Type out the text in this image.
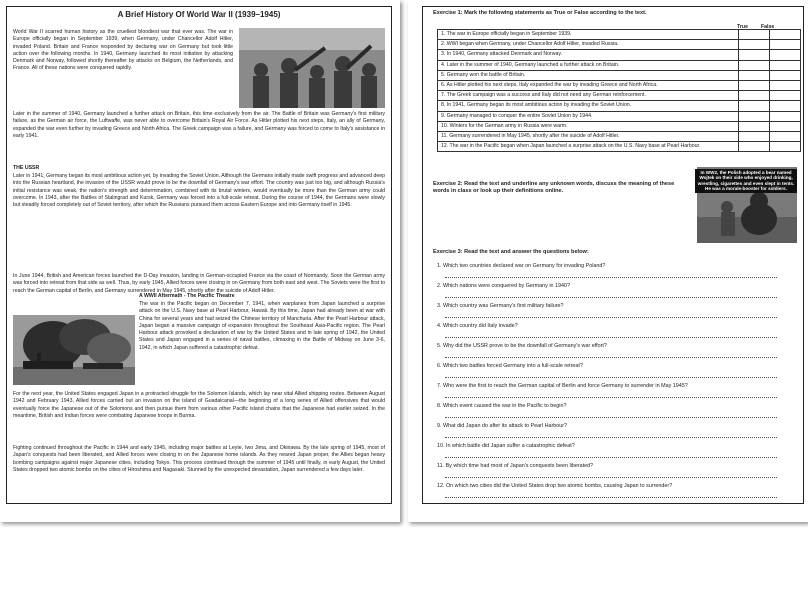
A Brief History Of World War II (1939–1945)
World War II scarred human history as the cruellest bloodiest war that ever was. The war in Europe officially began in September 1939, when Germany, under Chancellor Adolf Hitler, invaded Poland. Britain and France responded by declaring war on Germany but took little action over the following months. In 1940, Germany launched its most initiative by attacking Denmark and Norway, followed shortly thereafter by attacks on Belgium, the Netherlands, and France. All of these nations were conquered rapidly.
Later in the summer of 1940, Germany launched a further attack on Britain, this time exclusively from the air. The Battle of Britain was Germany's first military failure, as the German air force, the Luftwaffe, was never able to overcome Britain's Royal Air Force. As Hitler plotted his next steps, Italy, an ally of Germany, expanded the war even further by invading Greece and North Africa. The Greek campaign was a failure, and Germany was forced to come to Italy's assistance in early 1941.
THE USSR
Later in 1941, Germany began its most ambitious action yet, by invading the Soviet Union. Although the Germans initially made swift progress and advanced deep into the Russian heartland, the invasion of the USSR would prove to be the downfall of Germany's war effort. The country was just too big, and although Russia's initial resistance was weak, the nation's strength and determination, combined with its brutal winters, would eventually be more than the German army could overcome. In 1943, after the Battles of Stalingrad and Kursk, Germany was forced into a full-scale retreat. During the course of 1944, the Germans were slowly but steadily forced completely out of Soviet territory, after which the Russians pursued them across Eastern Europe and into Germany itself in 1945.
In June 1944, British and American forces launched the D-Day invasion, landing in German-occupied France via the coast of Normandy. Soon the German army was forced into retreat from that side as well. Thus, by early 1945, Allied forces were closing in on Germany from both east and west. The Soviets were the first to reach the German capital of Berlin, and Germany surrendered in May 1945, shortly after the suicide of Adolf Hitler.
A WWII Aftermath - The Pacific Theatre
The war in the Pacific began on December 7, 1941, when warplanes from Japan launched a surprise attack on the U.S. Navy base at Pearl Harbour, Hawaii. By this time, Japan had already been at war with China for several years and had seized the Chinese territory of Manchuria. After the Pearl Harbour attack, Japan began a massive campaign of expansion throughout the Southeast Asia-Pacific region. The Pearl Harbour attack provoked a declaration of war by the United States and in late spring of 1942, the United States and Japan engaged in a series of naval battles, climaxing in the Battle of Midway on June 3-6, 1942, in which Japan suffered a catastrophic defeat.
For the next year, the United States engaged Japan in a protracted struggle for the Solomon Islands, which lay near vital Allied shipping routes. Between August 1942 and February 1943, Allied forces carried out an invasion on the island of Guadalcanal—the beginning of a long series of Allied offensives that would eventually force the Japanese out of the Solomons and then pursue them from various other Pacific island chains that the Japanese had earlier seized. In the meantime, British and Indian forces were combating Japanese troops in Burma.
Fighting continued throughout the Pacific in 1944 and early 1945, including major battles at Leyte, Iwo Jima, and Okinawa. By the late spring of 1945, most of Japan's conquests had been liberated, and Allied forces were closing in on the Japanese home islands. As they neared Japan proper, the Allies began heavy bombing campaigns against major Japanese cities, including Tokyo. This process continued through the summer of 1945 until finally, in early August, the United States dropped two atomic bombs on the cities of Hiroshima and Nagasaki. Stunned by the unexpected devastation, Japan surrendered a few days later.
Exercise 1: Mark the following statements as True or False according to the text.
True	False
1. The war in Europe officially began in September 1939.		
2. WWI began when Germany, under Chancellor Adolf Hitler, invaded Russia.		
3. In 1940, Germany attacked Denmark and Norway.		
4. Later in the summer of 1940, Germany launched a further attack on Britain.		
5. Germany won the battle of Britain.		
6. As Hitler plotted his next steps, Italy expanded the war by invading Greece and North Africa.		
7. The Greek campaign was a success and Italy did not need any German reinforcement.		
8. In 1941, Germany began its most ambitious action by invading the Soviet Union.		
9. Germany managed to conquer the entire Soviet Union by 1944.		
10. Winters for the German army in Russia were warm.		
11. Germany surrendered in May 1945, shortly after the suicide of Adolf Hitler.		
12. The war in the Pacific began when Japan launched a surprise attack on the U.S. Navy base at Pearl Harbour.		
Exercise 2: Read the text and underline any unknown words, discuss the meaning of these words in class or look up their definitions online.
In WW2, the Polish adopted a bear named Wojtek on their side who enjoyed drinking, wrestling, cigarettes and even slept in tents. He was a morale-booster for soldiers.
Exercise 3: Read the text and answer the questions below:
1. Which two countries declared war on Germany for invading Poland?
2. Which nations were conquered by Germany in 1940?
3. Which country was Germany's first military failure?
4. Which country did Italy invade?
5. Why did the USSR prove to be the downfall of Germany's war effort?
6. Which two battles forced Germany into a full-scale retreat?
7. Who were the first to reach the German capital of Berlin and force Germany to surrender in May 1945?
8. Which event caused the war in the Pacific to begin?
9. What did Japan do after its attack to Pearl Harbour?
10. In which battle did Japan suffer a catastrophic defeat?
11. By which time had most of Japan's conquests been liberated?
12. On which two cities did the United States drop two atomic bombs, causing Japan to surrender?
